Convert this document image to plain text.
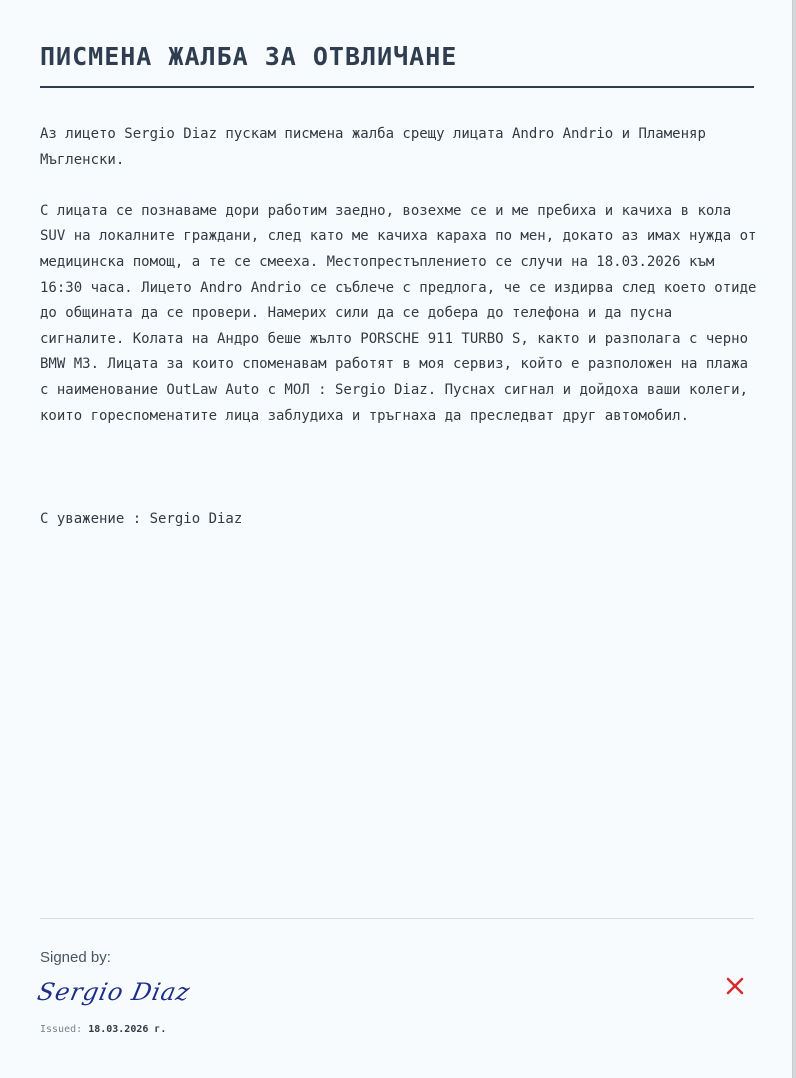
ПИСМЕНА ЖАЛБА ЗА ОТВЛИЧАНЕ

Аз лицето Sergio Diaz пускам писмена жалба срещу лицата Andro Andrio и Пламеняр Мъгленски.

С лицата се познаваме дори работим заедно, возехме се и ме пребиха и качиха в кола SUV на локалните граждани, след като ме качиха караха по мен, докато аз имах нужда от медицинска помощ, а те се смееха. Местопрестъплението се случи на 18.03.2026 към 16:30 часа. Лицето Andro Andrio се съблече с предлога, че се издирва след което отиде до общината да се провери. Намерих сили да се добера до телефона и да пусна сигналите. Колата на Андро беше жълто PORSCHE 911 TURBO S, както и разполага с черно BMW M3. Лицата за които споменавам работят в моя сервиз, който е разположен на плажа с наименование OutLaw Auto с МОЛ : Sergio Diaz. Пуснах сигнал и дойдоха ваши колеги, които гореспоменатите лица заблудиха и тръгнаха да преследват друг автомобил.

С уважение : Sergio Diaz
Signed by:
Sergio Diaz
Issued: 18.03.2026 г.
